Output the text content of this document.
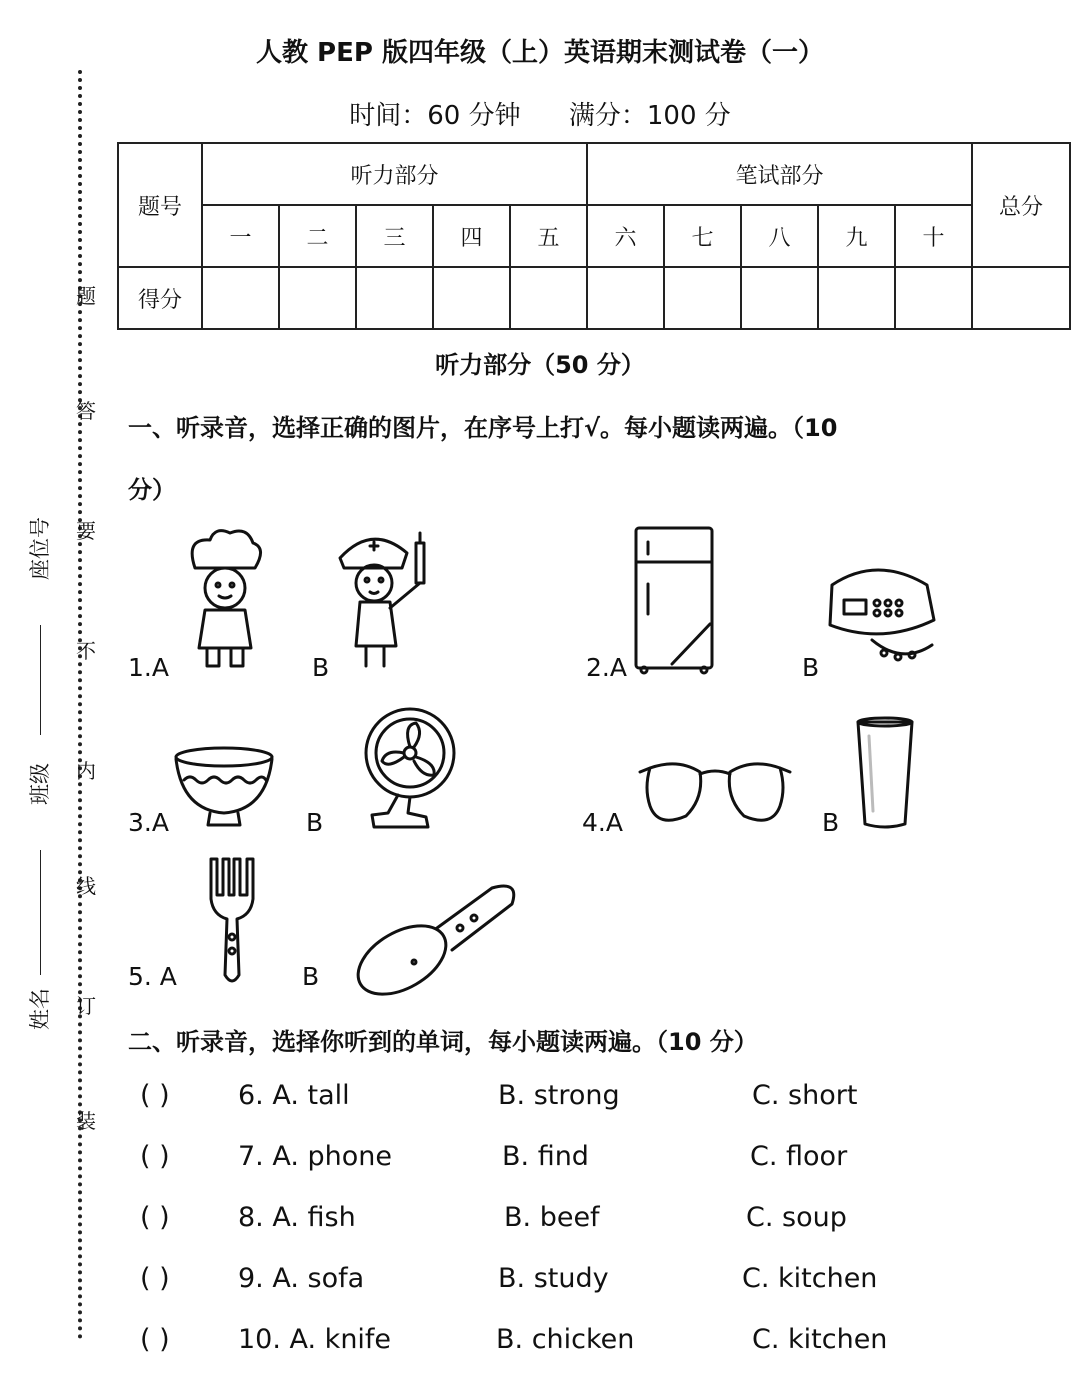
题
答
要
不
内
线
订
装
座位号
班级
姓名
人教 PEP 版四年级（上）英语期末测试卷（一）
时间：60 分钟 满分：100 分
题号	听力部分					笔试部分					总分
	一	二	三	四	五	六	七	八	九	十	
得分											
听力部分（50 分）
一、听录音，选择正确的图片，在序号上打√。每小题读两遍。（10
分）
1.A	B	2.A	B
3.A	B	4.A	B
5. A	B
二、听录音，选择你听到的单词，每小题读两遍。（10 分）
( )	6. A. tall	B. strong	C. short
( )	7. A. phone	B. find	C. floor
( )	8. A. fish	B. beef	C. soup
( )	9. A. sofa	B. study	C. kitchen
( )	10. A. knife	B. chicken	C. kitchen
